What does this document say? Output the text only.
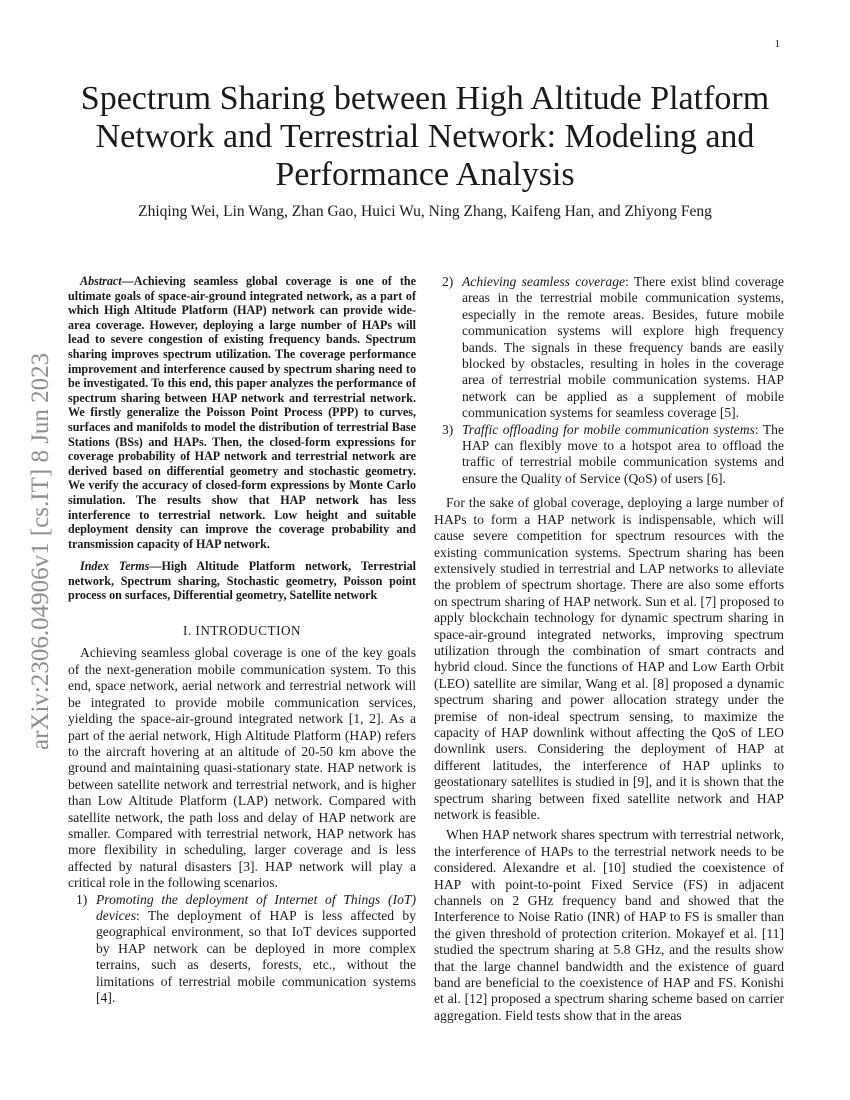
1
arXiv:2306.04906v1 [cs.IT] 8 Jun 2023
Spectrum Sharing between High Altitude Platform Network and Terrestrial Network: Modeling and Performance Analysis
Zhiqing Wei, Lin Wang, Zhan Gao, Huici Wu, Ning Zhang, Kaifeng Han, and Zhiyong Feng

Abstract—Achieving seamless global coverage is one of the ultimate goals of space-air-ground integrated network, as a part of which High Altitude Platform (HAP) network can provide wide-area coverage. However, deploying a large number of HAPs will lead to severe congestion of existing frequency bands. Spectrum sharing improves spectrum utilization. The coverage performance improvement and interference caused by spectrum sharing need to be investigated. To this end, this paper analyzes the performance of spectrum sharing between HAP network and terrestrial network. We firstly generalize the Poisson Point Process (PPP) to curves, surfaces and manifolds to model the distribution of terrestrial Base Stations (BSs) and HAPs. Then, the closed-form expressions for coverage probability of HAP network and terrestrial network are derived based on differential geometry and stochastic geometry. We verify the accuracy of closed-form expressions by Monte Carlo simulation. The results show that HAP network has less interference to terrestrial network. Low height and suitable deployment density can improve the coverage probability and transmission capacity of HAP network.

Index Terms—High Altitude Platform network, Terrestrial network, Spectrum sharing, Stochastic geometry, Poisson point process on surfaces, Differential geometry, Satellite network

I. INTRODUCTION

Achieving seamless global coverage is one of the key goals of the next-generation mobile communication system. To this end, space network, aerial network and terrestrial network will be integrated to provide mobile communication services, yielding the space-air-ground integrated network [1, 2]. As a part of the aerial network, High Altitude Platform (HAP) refers to the aircraft hovering at an altitude of 20-50 km above the ground and maintaining quasi-stationary state. HAP network is between satellite network and terrestrial network, and is higher than Low Altitude Platform (LAP) network. Compared with satellite network, the path loss and delay of HAP network are smaller. Compared with terrestrial network, HAP network has more flexibility in scheduling, larger coverage and is less affected by natural disasters [3]. HAP network will play a critical role in the following scenarios.

1) Promoting the deployment of Internet of Things (IoT) devices: The deployment of HAP is less affected by geographical environment, so that IoT devices supported by HAP network can be deployed in more complex terrains, such as deserts, forests, etc., without the limitations of terrestrial mobile communication systems [4].
2) Achieving seamless coverage: There exist blind coverage areas in the terrestrial mobile communication systems, especially in the remote areas. Besides, future mobile communication systems will explore high frequency bands. The signals in these frequency bands are easily blocked by obstacles, resulting in holes in the coverage area of terrestrial mobile communication systems. HAP network can be applied as a supplement of mobile communication systems for seamless coverage [5].
3) Traffic offloading for mobile communication systems: The HAP can flexibly move to a hotspot area to offload the traffic of terrestrial mobile communication systems and ensure the Quality of Service (QoS) of users [6].

For the sake of global coverage, deploying a large number of HAPs to form a HAP network is indispensable, which will cause severe competition for spectrum resources with the existing communication systems. Spectrum sharing has been extensively studied in terrestrial and LAP networks to alleviate the problem of spectrum shortage. There are also some efforts on spectrum sharing of HAP network. Sun et al. [7] proposed to apply blockchain technology for dynamic spectrum sharing in space-air-ground integrated networks, improving spectrum utilization through the combination of smart contracts and hybrid cloud. Since the functions of HAP and Low Earth Orbit (LEO) satellite are similar, Wang et al. [8] proposed a dynamic spectrum sharing and power allocation strategy under the premise of non-ideal spectrum sensing, to maximize the capacity of HAP downlink without affecting the QoS of LEO downlink users. Considering the deployment of HAP at different latitudes, the interference of HAP uplinks to geostationary satellites is studied in [9], and it is shown that the spectrum sharing between fixed satellite network and HAP network is feasible.

When HAP network shares spectrum with terrestrial network, the interference of HAPs to the terrestrial network needs to be considered. Alexandre et al. [10] studied the coexistence of HAP with point-to-point Fixed Service (FS) in adjacent channels on 2 GHz frequency band and showed that the Interference to Noise Ratio (INR) of HAP to FS is smaller than the given threshold of protection criterion. Mokayef et al. [11] studied the spectrum sharing at 5.8 GHz, and the results show that the large channel bandwidth and the existence of guard band are beneficial to the coexistence of HAP and FS. Konishi et al. [12] proposed a spectrum sharing scheme based on carrier aggregation. Field tests show that in the areas
